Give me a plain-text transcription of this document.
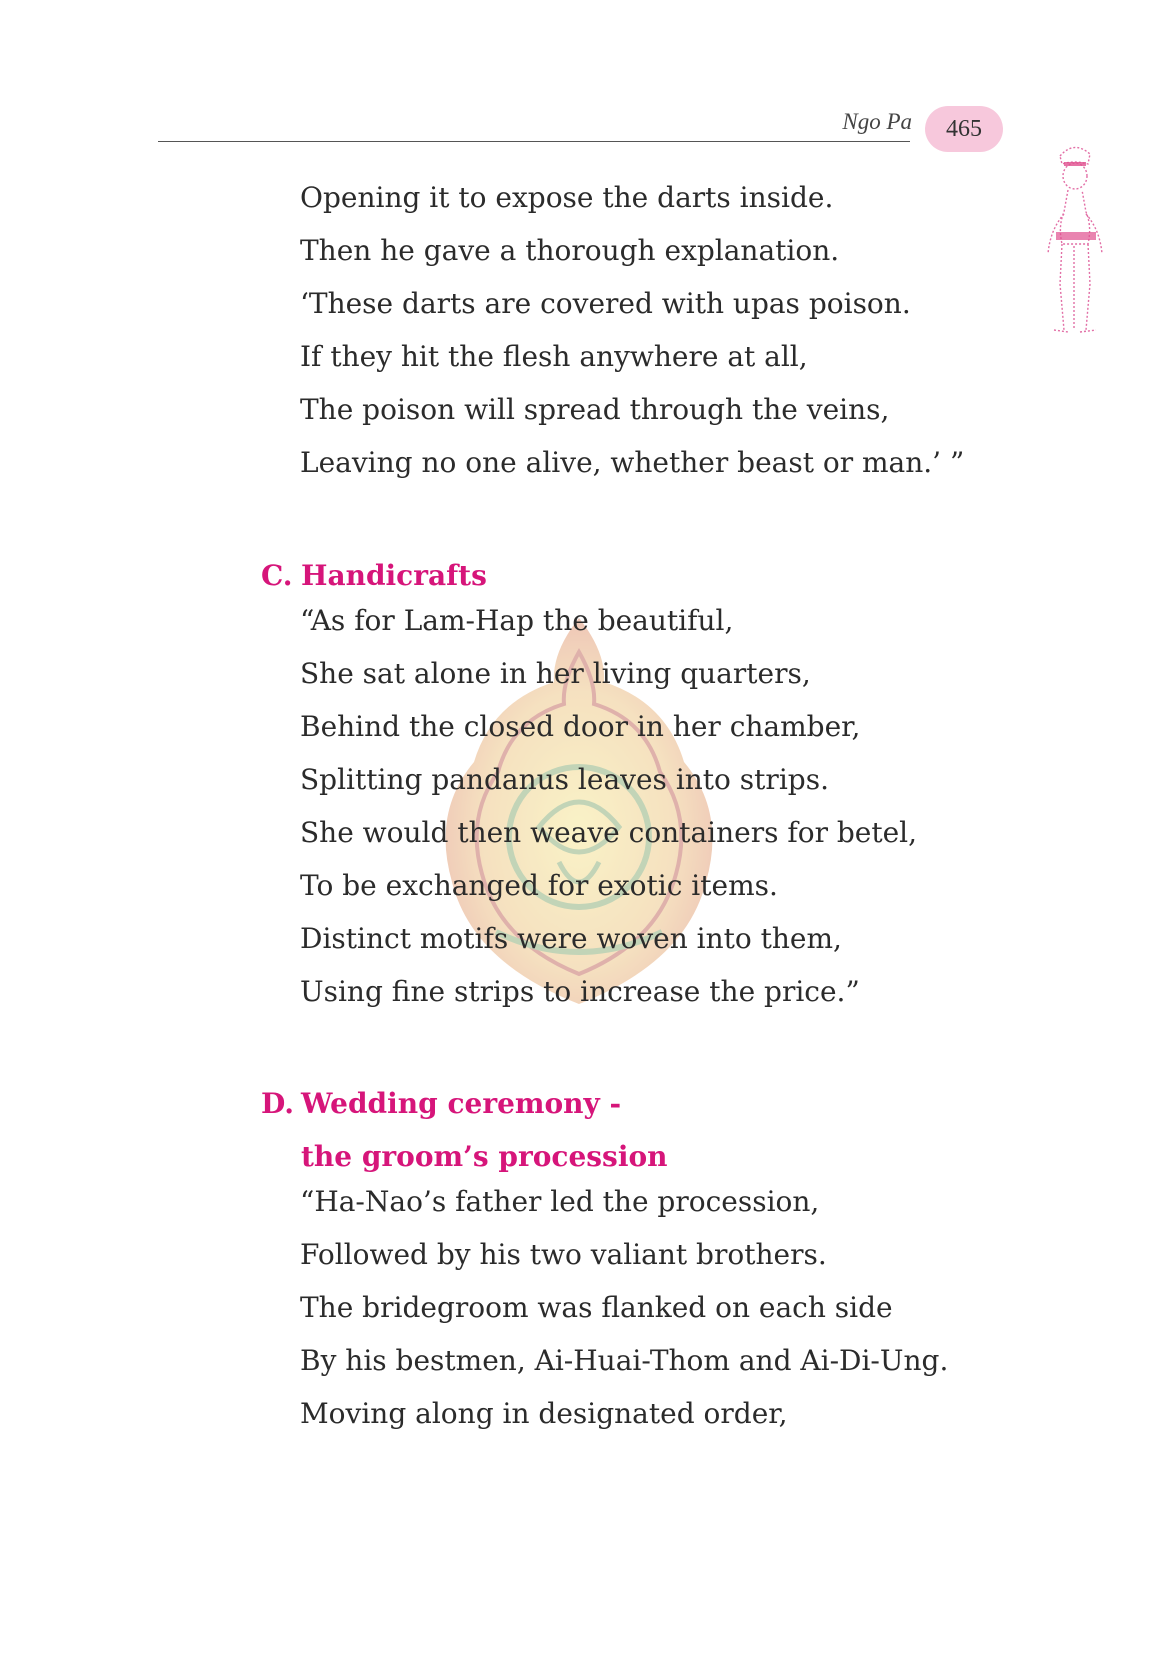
Ngo Pa	465
Opening it to expose the darts inside.
Then he gave a thorough explanation.
‘These darts are covered with upas poison.
If they hit the flesh anywhere at all,
The poison will spread through the veins,
Leaving no one alive, whether beast or man.’ ”
C. Handicrafts
“As for Lam-Hap the beautiful,
She sat alone in her living quarters,
Behind the closed door in her chamber,
Splitting pandanus leaves into strips.
She would then weave containers for betel,
To be exchanged for exotic items.
Distinct motifs were woven into them,
Using fine strips to increase the price.”
D. Wedding ceremony -
the groom’s procession
“Ha-Nao’s father led the procession,
Followed by his two valiant brothers.
The bridegroom was flanked on each side
By his bestmen, Ai-Huai-Thom and Ai-Di-Ung.
Moving along in designated order,
